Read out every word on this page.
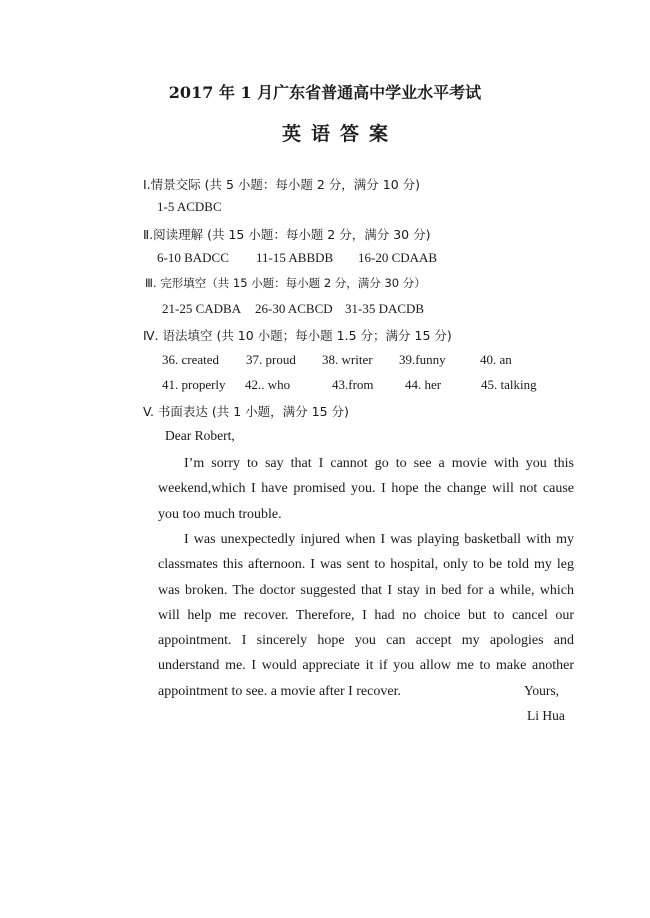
2017 年 1 月广东省普通高中学业水平考试
英语答案
Ⅰ.情景交际 (共 5 小题：每小题 2 分，满分 10 分)
1-5 ACDBC
Ⅱ.阅读理解 (共 15 小题：每小题 2 分，满分 30 分)
6-10 BADCC 11-15 ABBDB 16-20 CDAAB
Ⅲ. 完形填空（共 15 小题：每小题 2 分，满分 30 分）
21-25 CADBA 26-30 ACBCD 31-35 DACDB
Ⅳ. 语法填空 (共 10 小题；每小题 1.5 分；满分 15 分)
36. created 37. proud 38. writer 39.funny	40. an
41. properly 42.. who	43.from 44. her	45. talking
V. 书面表达 (共 1 小题，满分 15 分)
Dear Robert,
I’m sorry to say that I cannot go to see a movie with you this weekend,which I have promised you. I hope the change will not cause you too much trouble.
I was unexpectedly injured when I was playing basketball with my classmates this afternoon. I was sent to hospital, only to be told my leg was broken. The doctor suggested that I stay in bed for a while, which will help me recover. Therefore, I had no choice but to cancel our appointment. I sincerely hope you can accept my apologies and understand me. I would appreciate it if you allow me to make another appointment to see. a movie after I recover.	Yours,
Li Hua
